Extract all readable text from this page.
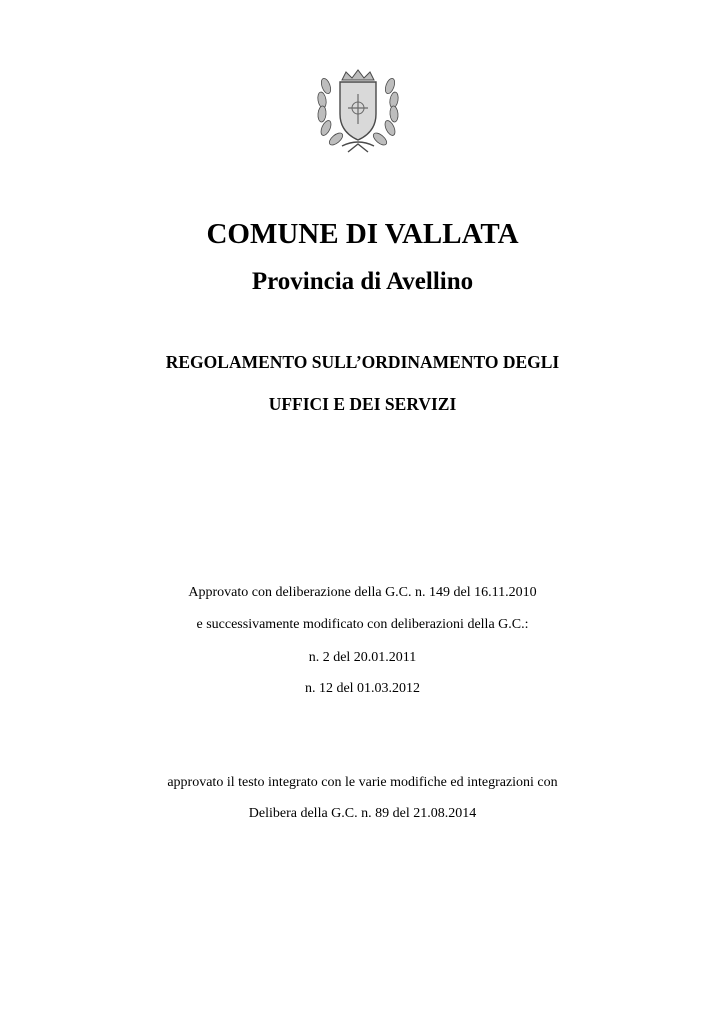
COMUNE DI VALLATA
Provincia di Avellino
REGOLAMENTO SULL’ORDINAMENTO DEGLI
UFFICI E DEI SERVIZI
Approvato con deliberazione della G.C. n. 149 del 16.11.2010
e successivamente modificato con deliberazioni della G.C.:
n. 2 del 20.01.2011
n. 12 del 01.03.2012
approvato il testo integrato con le varie modifiche ed integrazioni con
Delibera della G.C. n. 89 del 21.08.2014
